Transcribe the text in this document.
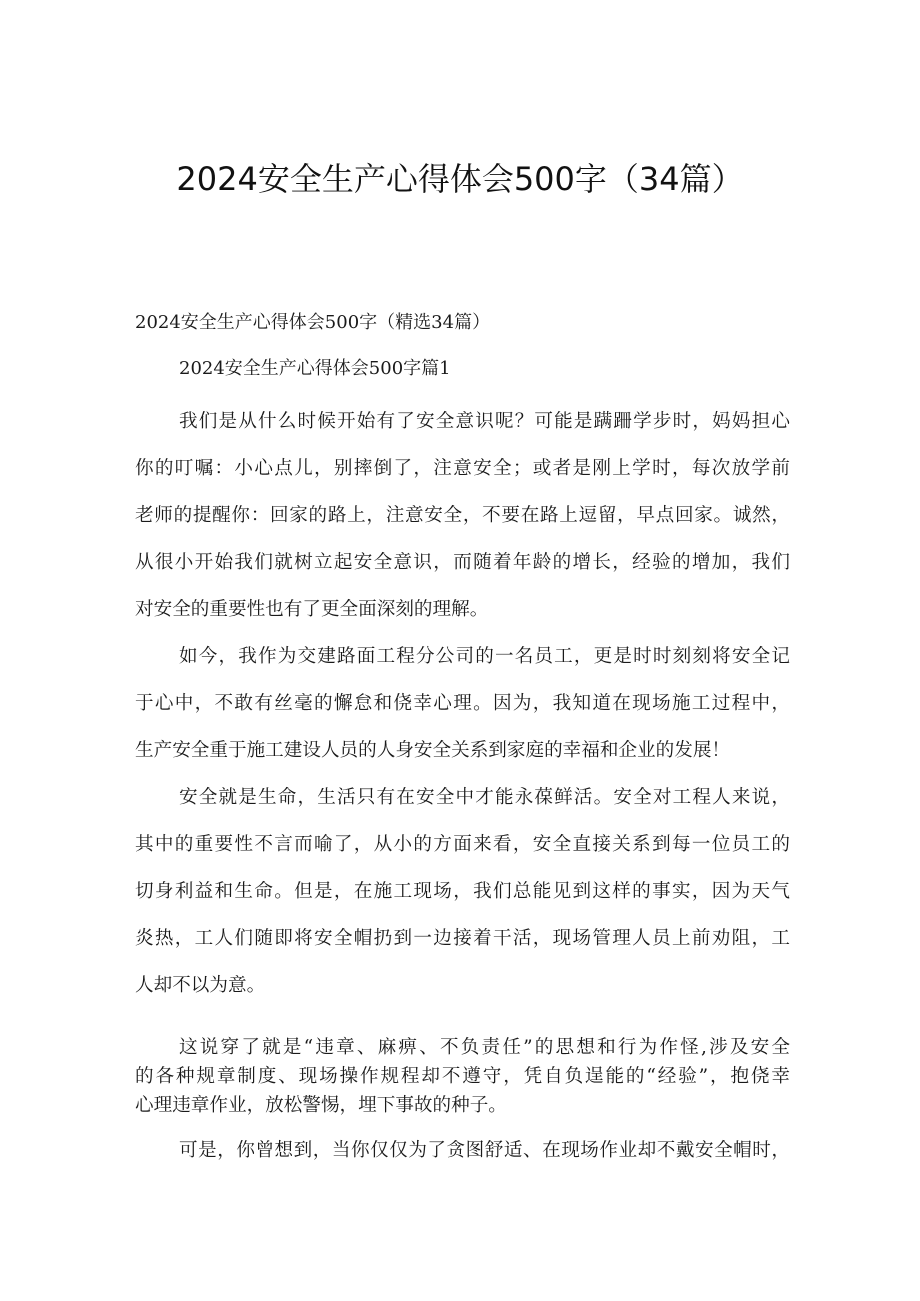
2024安全生产心得体会500字（34篇）
2024安全生产心得体会500字（精选34篇）
2024安全生产心得体会500字篇1
我们是从什么时候开始有了安全意识呢？可能是蹒跚学步时，妈妈担心
你的叮嘱：小心点儿，别摔倒了，注意安全；或者是刚上学时，每次放学前
老师的提醒你：回家的路上，注意安全，不要在路上逗留，早点回家。诚然，
从很小开始我们就树立起安全意识，而随着年龄的增长，经验的增加，我们
对安全的重要性也有了更全面深刻的理解。
如今，我作为交建路面工程分公司的一名员工，更是时时刻刻将安全记
于心中，不敢有丝毫的懈怠和侥幸心理。因为，我知道在现场施工过程中，
生产安全重于施工建设人员的人身安全关系到家庭的幸福和企业的发展！
安全就是生命，生活只有在安全中才能永葆鲜活。安全对工程人来说，
其中的重要性不言而喻了，从小的方面来看，安全直接关系到每一位员工的
切身利益和生命。但是，在施工现场，我们总能见到这样的事实，因为天气
炎热，工人们随即将安全帽扔到一边接着干活，现场管理人员上前劝阻，工
人却不以为意。
这说穿了就是“违章、麻痹、不负责任”的思想和行为作怪,涉及安全
的各种规章制度、现场操作规程却不遵守，凭自负逞能的“经验”，抱侥幸
心理违章作业，放松警惕，埋下事故的种子。
可是，你曾想到，当你仅仅为了贪图舒适、在现场作业却不戴安全帽时，
